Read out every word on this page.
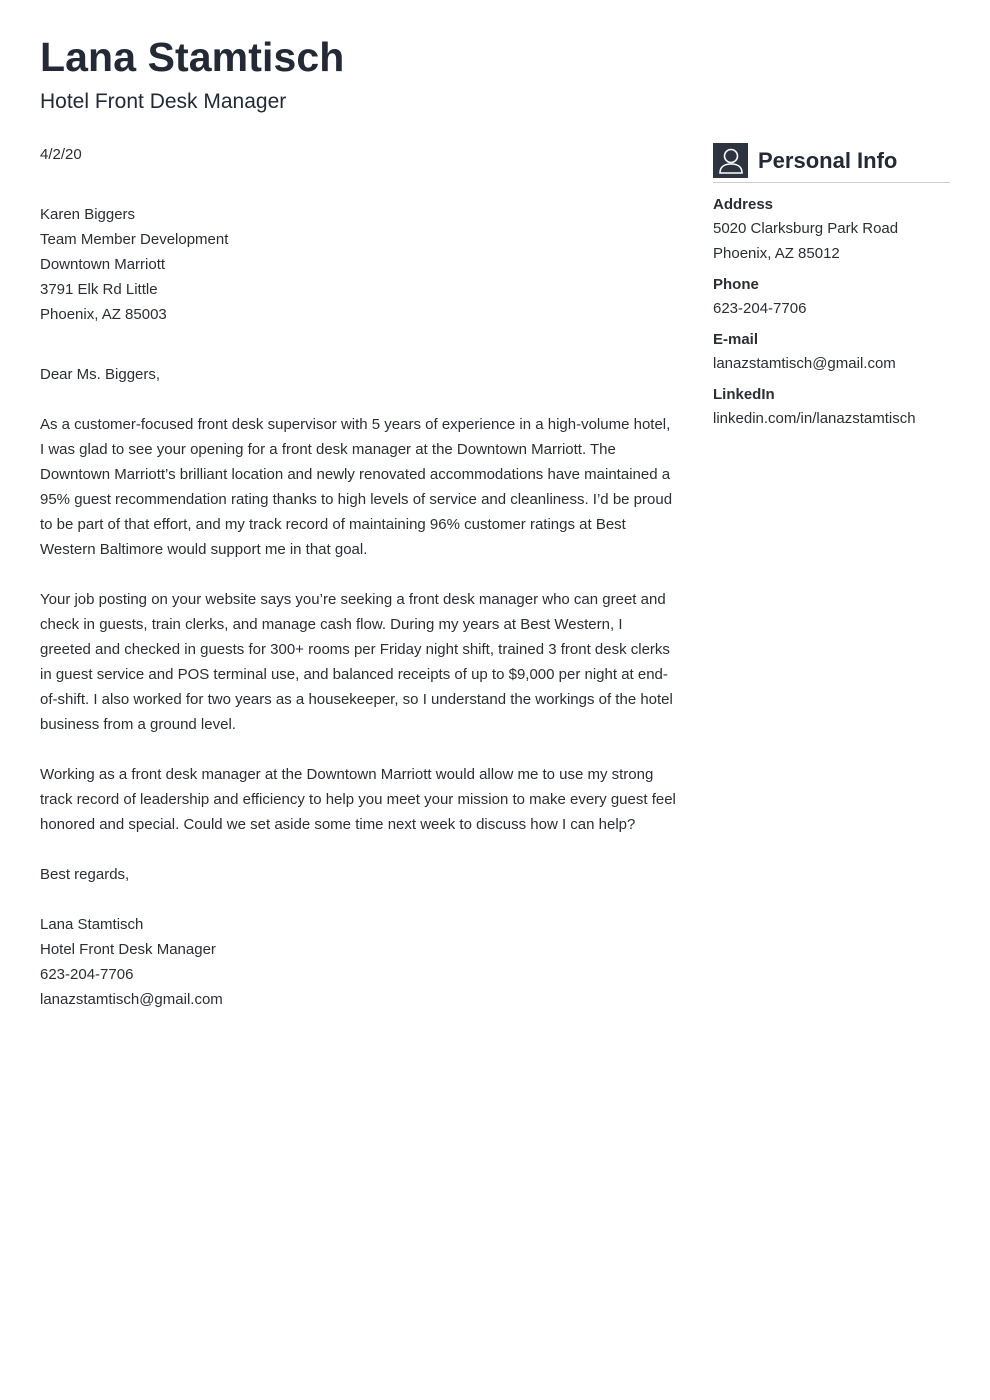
Lana Stamtisch
Hotel Front Desk Manager

4/2/20

Karen Biggers
Team Member Development
Downtown Marriott
3791 Elk Rd Little
Phoenix, AZ 85003

Dear Ms. Biggers,

As a customer-focused front desk supervisor with 5 years of experience in a high-volume hotel, I was glad to see your opening for a front desk manager at the Downtown Marriott. The Downtown Marriott’s brilliant location and newly renovated accommodations have maintained a 95% guest recommendation rating thanks to high levels of service and cleanliness. I’d be proud to be part of that effort, and my track record of maintaining 96% customer ratings at Best Western Baltimore would support me in that goal.

Your job posting on your website says you’re seeking a front desk manager who can greet and check in guests, train clerks, and manage cash flow. During my years at Best Western, I greeted and checked in guests for 300+ rooms per Friday night shift, trained 3 front desk clerks in guest service and POS terminal use, and balanced receipts of up to $9,000 per night at end-of-shift. I also worked for two years as a housekeeper, so I understand the workings of the hotel business from a ground level.

Working as a front desk manager at the Downtown Marriott would allow me to use my strong track record of leadership and efficiency to help you meet your mission to make every guest feel honored and special. Could we set aside some time next week to discuss how I can help?

Best regards,

Lana Stamtisch
Hotel Front Desk Manager
623-204-7706
lanazstamtisch@gmail.com

Personal Info
Address
5020 Clarksburg Park Road
Phoenix, AZ 85012
Phone
623-204-7706
E-mail
lanazstamtisch@gmail.com
LinkedIn
linkedin.com/in/lanazstamtisch
